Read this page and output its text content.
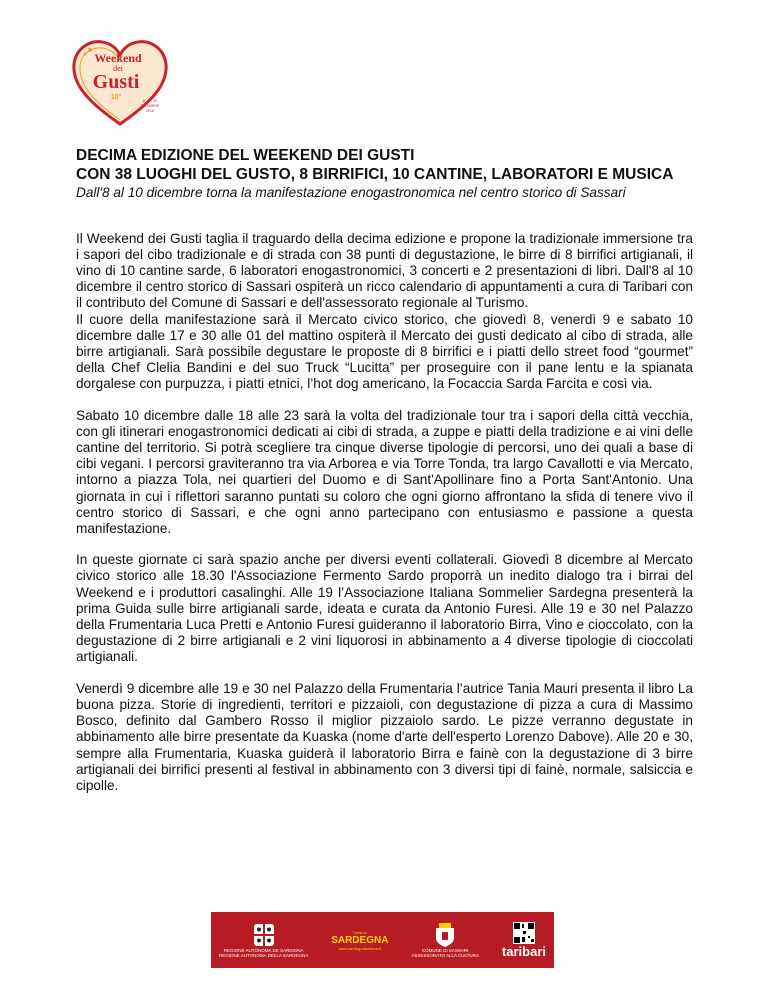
Weekend
dei
Gusti
10°	8 - 9 - 10
DICEMBRE
2016
DECIMA EDIZIONE DEL WEEKEND DEI GUSTI
CON 38 LUOGHI DEL GUSTO, 8 BIRRIFICI, 10 CANTINE, LABORATORI E MUSICA
Dall'8 al 10 dicembre torna la manifestazione enogastronomica nel centro storico di Sassari

Il Weekend dei Gusti taglia il traguardo della decima edizione e propone la tradizionale immersione tra i sapori del cibo tradizionale e di strada con 38 punti di degustazione, le birre di 8 birrifici artigianali, il vino di 10 cantine sarde, 6 laboratori enogastronomici, 3 concerti e 2 presentazioni di libri. Dall'8 al 10 dicembre il centro storico di Sassari ospiterà un ricco calendario di appuntamenti a cura di Taribari con il contributo del Comune di Sassari e dell'assessorato regionale al Turismo.

Il cuore della manifestazione sarà il Mercato civico storico, che giovedì 8, venerdì 9 e sabato 10 dicembre dalle 17 e 30 alle 01 del mattino ospiterà il Mercato dei gusti dedicato al cibo di strada, alle birre artigianali. Sarà possibile degustare le proposte di 8 birrifici e i piatti dello street food “gourmet” della Chef Clelia Bandini e del suo Truck “Lucitta” per proseguire con il pane lentu e la spianata dorgalese con purpuzza, i piatti etnici, l’hot dog americano, la Focaccia Sarda Farcita e così via.

Sabato 10 dicembre dalle 18 alle 23 sarà la volta del tradizionale tour tra i sapori della città vecchia, con gli itinerari enogastronomici dedicati ai cibi di strada, a zuppe e piatti della tradizione e ai vini delle cantine del territorio. Si potrà scegliere tra cinque diverse tipologie di percorsi, uno dei quali a base di cibi vegani. I percorsi graviteranno tra via Arborea e via Torre Tonda, tra largo Cavallotti e via Mercato, intorno a piazza Tola, nei quartieri del Duomo e di Sant'Apollinare fino a Porta Sant'Antonio. Una giornata in cui i riflettori saranno puntati su coloro che ogni giorno affrontano la sfida di tenere vivo il centro storico di Sassari, e che ogni anno partecipano con entusiasmo e passione a questa manifestazione.

In queste giornate ci sarà spazio anche per diversi eventi collaterali. Giovedì 8 dicembre al Mercato civico storico alle 18.30 l'Associazione Fermento Sardo proporrà un inedito dialogo tra i birrai del Weekend e i produttori casalinghi. Alle 19 l’Associazione Italiana Sommelier Sardegna presenterà la prima Guida sulle birre artigianali sarde, ideata e curata da Antonio Furesi. Alle 19 e 30 nel Palazzo della Frumentaria Luca Pretti e Antonio Furesi guideranno il laboratorio Birra, Vino e cioccolato, con la degustazione di 2 birre artigianali e 2 vini liquorosi in abbinamento a 4 diverse tipologie di cioccolati artigianali.

Venerdì 9 dicembre alle 19 e 30 nel Palazzo della Frumentaria l’autrice Tania Mauri presenta il libro La buona pizza. Storie di ingredienti, territori e pizzaioli, con degustazione di pizza a cura di Massimo Bosco, definito dal Gambero Rosso il miglior pizzaiolo sardo. Le pizze verranno degustate in abbinamento alle birre presentate da Kuaska (nome d'arte dell'esperto Lorenzo Dabove). Alle 20 e 30, sempre alla Frumentaria, Kuaska guiderà il laboratorio Birra e fainè con la degustazione di 3 birre artigianali dei birrifici presenti al festival in abbinamento con 3 diversi tipi di fainè, normale, salsiccia e cipolle.

REGIONE AUTÒNOMA DE SARDIGNA
REGIONE AUTONOMA DELLA SARDEGNA
Turismo
SARDEGNA
www.sardegnaturismo.it	COMUNE DI SASSARI
ASSESSORATO ALLA CULTURA taribari
